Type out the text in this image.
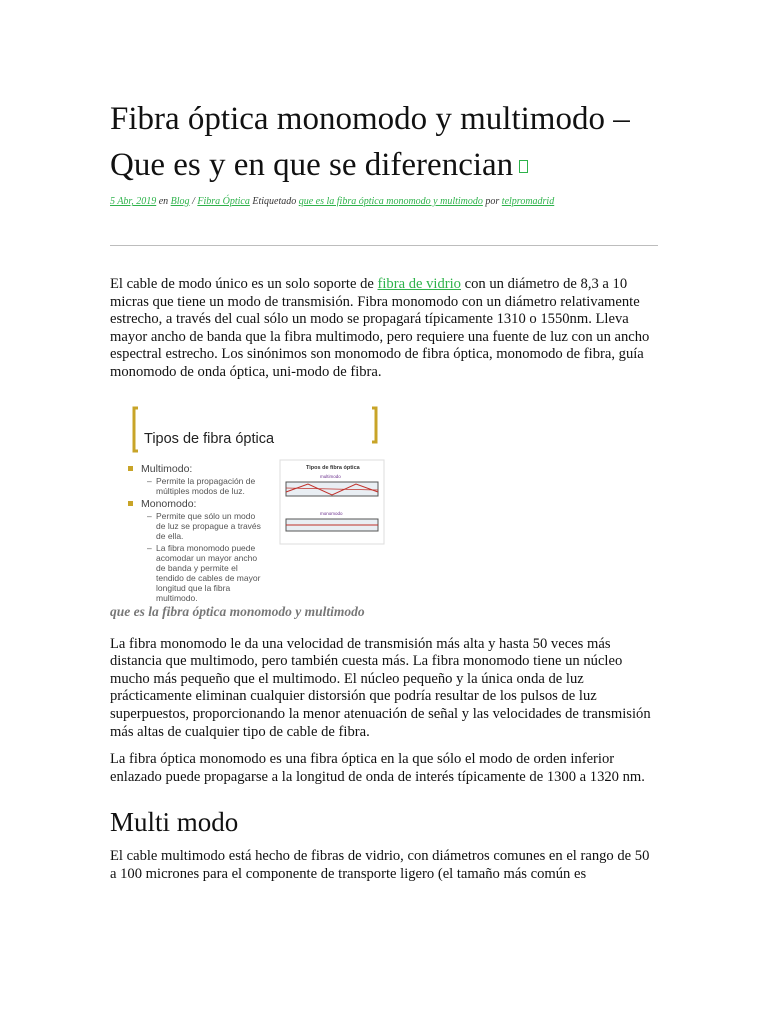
Fibra óptica monomodo y multimodo – Que es y en que se diferencian
5 Abr, 2019 en Blog / Fibra Óptica Etiquetado que es la fibra óptica monomodo y multimodo por telpromadrid

El cable de modo único es un solo soporte de fibra de vidrio con un diámetro de 8,3 a 10 micras que tiene un modo de transmisión. Fibra monomodo con un diámetro relativamente estrecho, a través del cual sólo un modo se propagará típicamente 1310 o 1550nm. Lleva mayor ancho de banda que la fibra multimodo, pero requiere una fuente de luz con un ancho espectral estrecho. Los sinónimos son monomodo de fibra óptica, monomodo de fibra, guía monomodo de onda óptica, uni-modo de fibra.

Tipos de fibra óptica
Multimodo:
– Permite la propagación de
múltiples modos de luz.
Monomodo:
– Permite que sólo un modo
de luz se propague a través
de ella.
– La fibra monomodo puede
acomodar un mayor ancho
de banda y permite el
tendido de cables de mayor
longitud que la fibra
multimodo.
Tipos de fibra óptica
multimodo
monomodo
que es la fibra óptica monomodo y multimodo

La fibra monomodo le da una velocidad de transmisión más alta y hasta 50 veces más distancia que multimodo, pero también cuesta más. La fibra monomodo tiene un núcleo mucho más pequeño que el multimodo. El núcleo pequeño y la única onda de luz prácticamente eliminan cualquier distorsión que podría resultar de los pulsos de luz superpuestos, proporcionando la menor atenuación de señal y las velocidades de transmisión más altas de cualquier tipo de cable de fibra.

La fibra óptica monomodo es una fibra óptica en la que sólo el modo de orden inferior enlazado puede propagarse a la longitud de onda de interés típicamente de 1300 a 1320 nm.

Multi modo

El cable multimodo está hecho de fibras de vidrio, con diámetros comunes en el rango de 50 a 100 micrones para el componente de transporte ligero (el tamaño más común es
